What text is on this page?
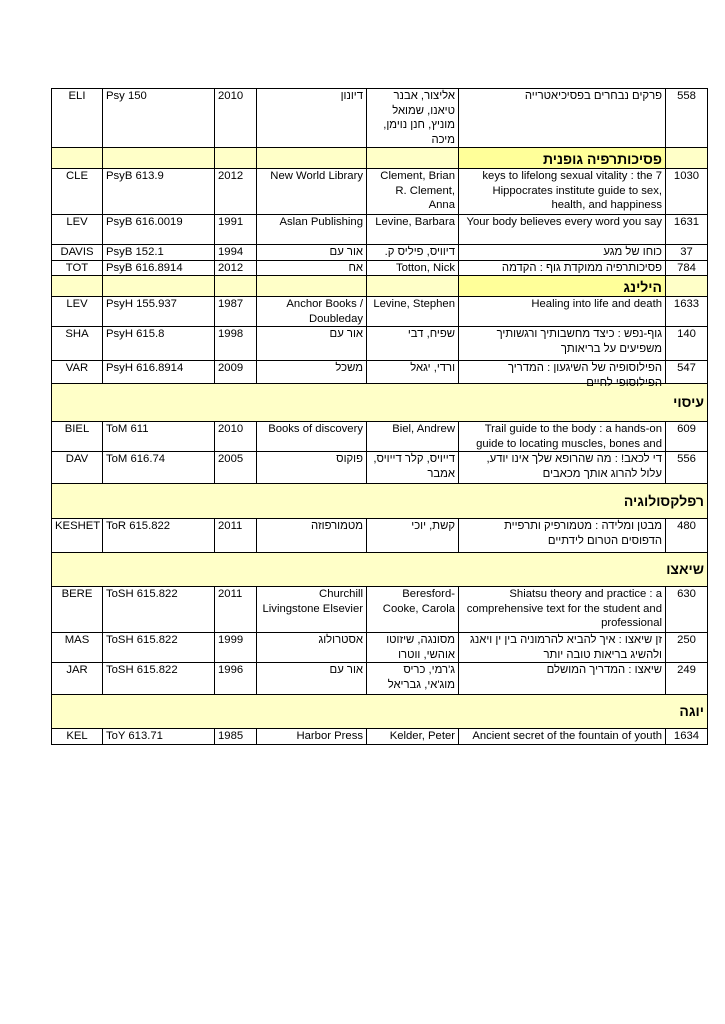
ELI	Psy 150	2010	דיונון	אליצור, אבנר טיאנו, שמואל מוניץ, חנן נוימן, מיכה	פרקים נבחרים בפסיכיאטרייה	558
					פסיכותרפיה גופנית	
CLE	PsyB 613.9	2012	New World Library	Clement, Brian R. Clement, Anna	keys to lifelong sexual vitality : the 7 Hippocrates institute guide to sex, health, and happiness	1030
LEV	PsyB 616.0019	1991	Aslan Publishing	Levine, Barbara	Your body believes every word you say	1631
DAVIS	PsyB 152.1	1994	אור עם	דיוויס, פיליס ק.	כוחו של מגע	37
TOT	PsyB 616.8914	2012	אח	Totton, Nick	פסיכותרפיה ממוקדת גוף : הקדמה	784
					הילינג	
LEV	PsyH 155.937	1987	Anchor Books / Doubleday	Levine, Stephen	Healing into life and death	1633
SHA	PsyH 615.8	1998	אור עם	שפיח, דבי	גוף-נפש : כיצד מחשבותיך ורגשותיך משפיעים על בריאותך	140

VAR	PsyH 616.8914	2009	משכל	ורדי, יגאל	הפילוסופיה של השיגעון : המדריך הפילוסופי לחיים	547

עיסוי						
BIEL	ToM 611	2010	Books of discovery	Biel, Andrew	Trail guide to the body : a hands-on guide to locating muscles, bones and	609
DAV	ToM 616.74	2005	פוקוס	דייויס, קלר דייויס, אמבר	די לכאב! : מה שהרופא שלך אינו יודע, עלול להרוג אותך מכאבים	556
רפלקסולוגיה						
KESHET	ToR 615.822	2011	מטמורפוזה	קשת, יוכי	מבטן ומלידה : מטמורפיק ותרפיית הדפוסים הטרום לידתיים	480
שיאצו						
BERE	ToSH 615.822	2011	Churchill Livingstone Elsevier	Beresford- Cooke, Carola	Shiatsu theory and practice : a comprehensive text for the student and professional	630
MAS	ToSH 615.822	1999	אסטרולוג	מסונגה, שיזוטו אוהשי, ווטרו	זן שיאצו : איך להביא להרמוניה בין ין ויאנג ולהשיג בריאות טובה יותר	250
JAR	ToSH 615.822	1996	אור עם	ג'רמי, כריס מוג'אי, גבריאל	שיאצו : המדריך המושלם	249
יוגה						
KEL	ToY 613.71	1985	Harbor Press	Kelder, Peter	Ancient secret of the fountain of youth	1634
